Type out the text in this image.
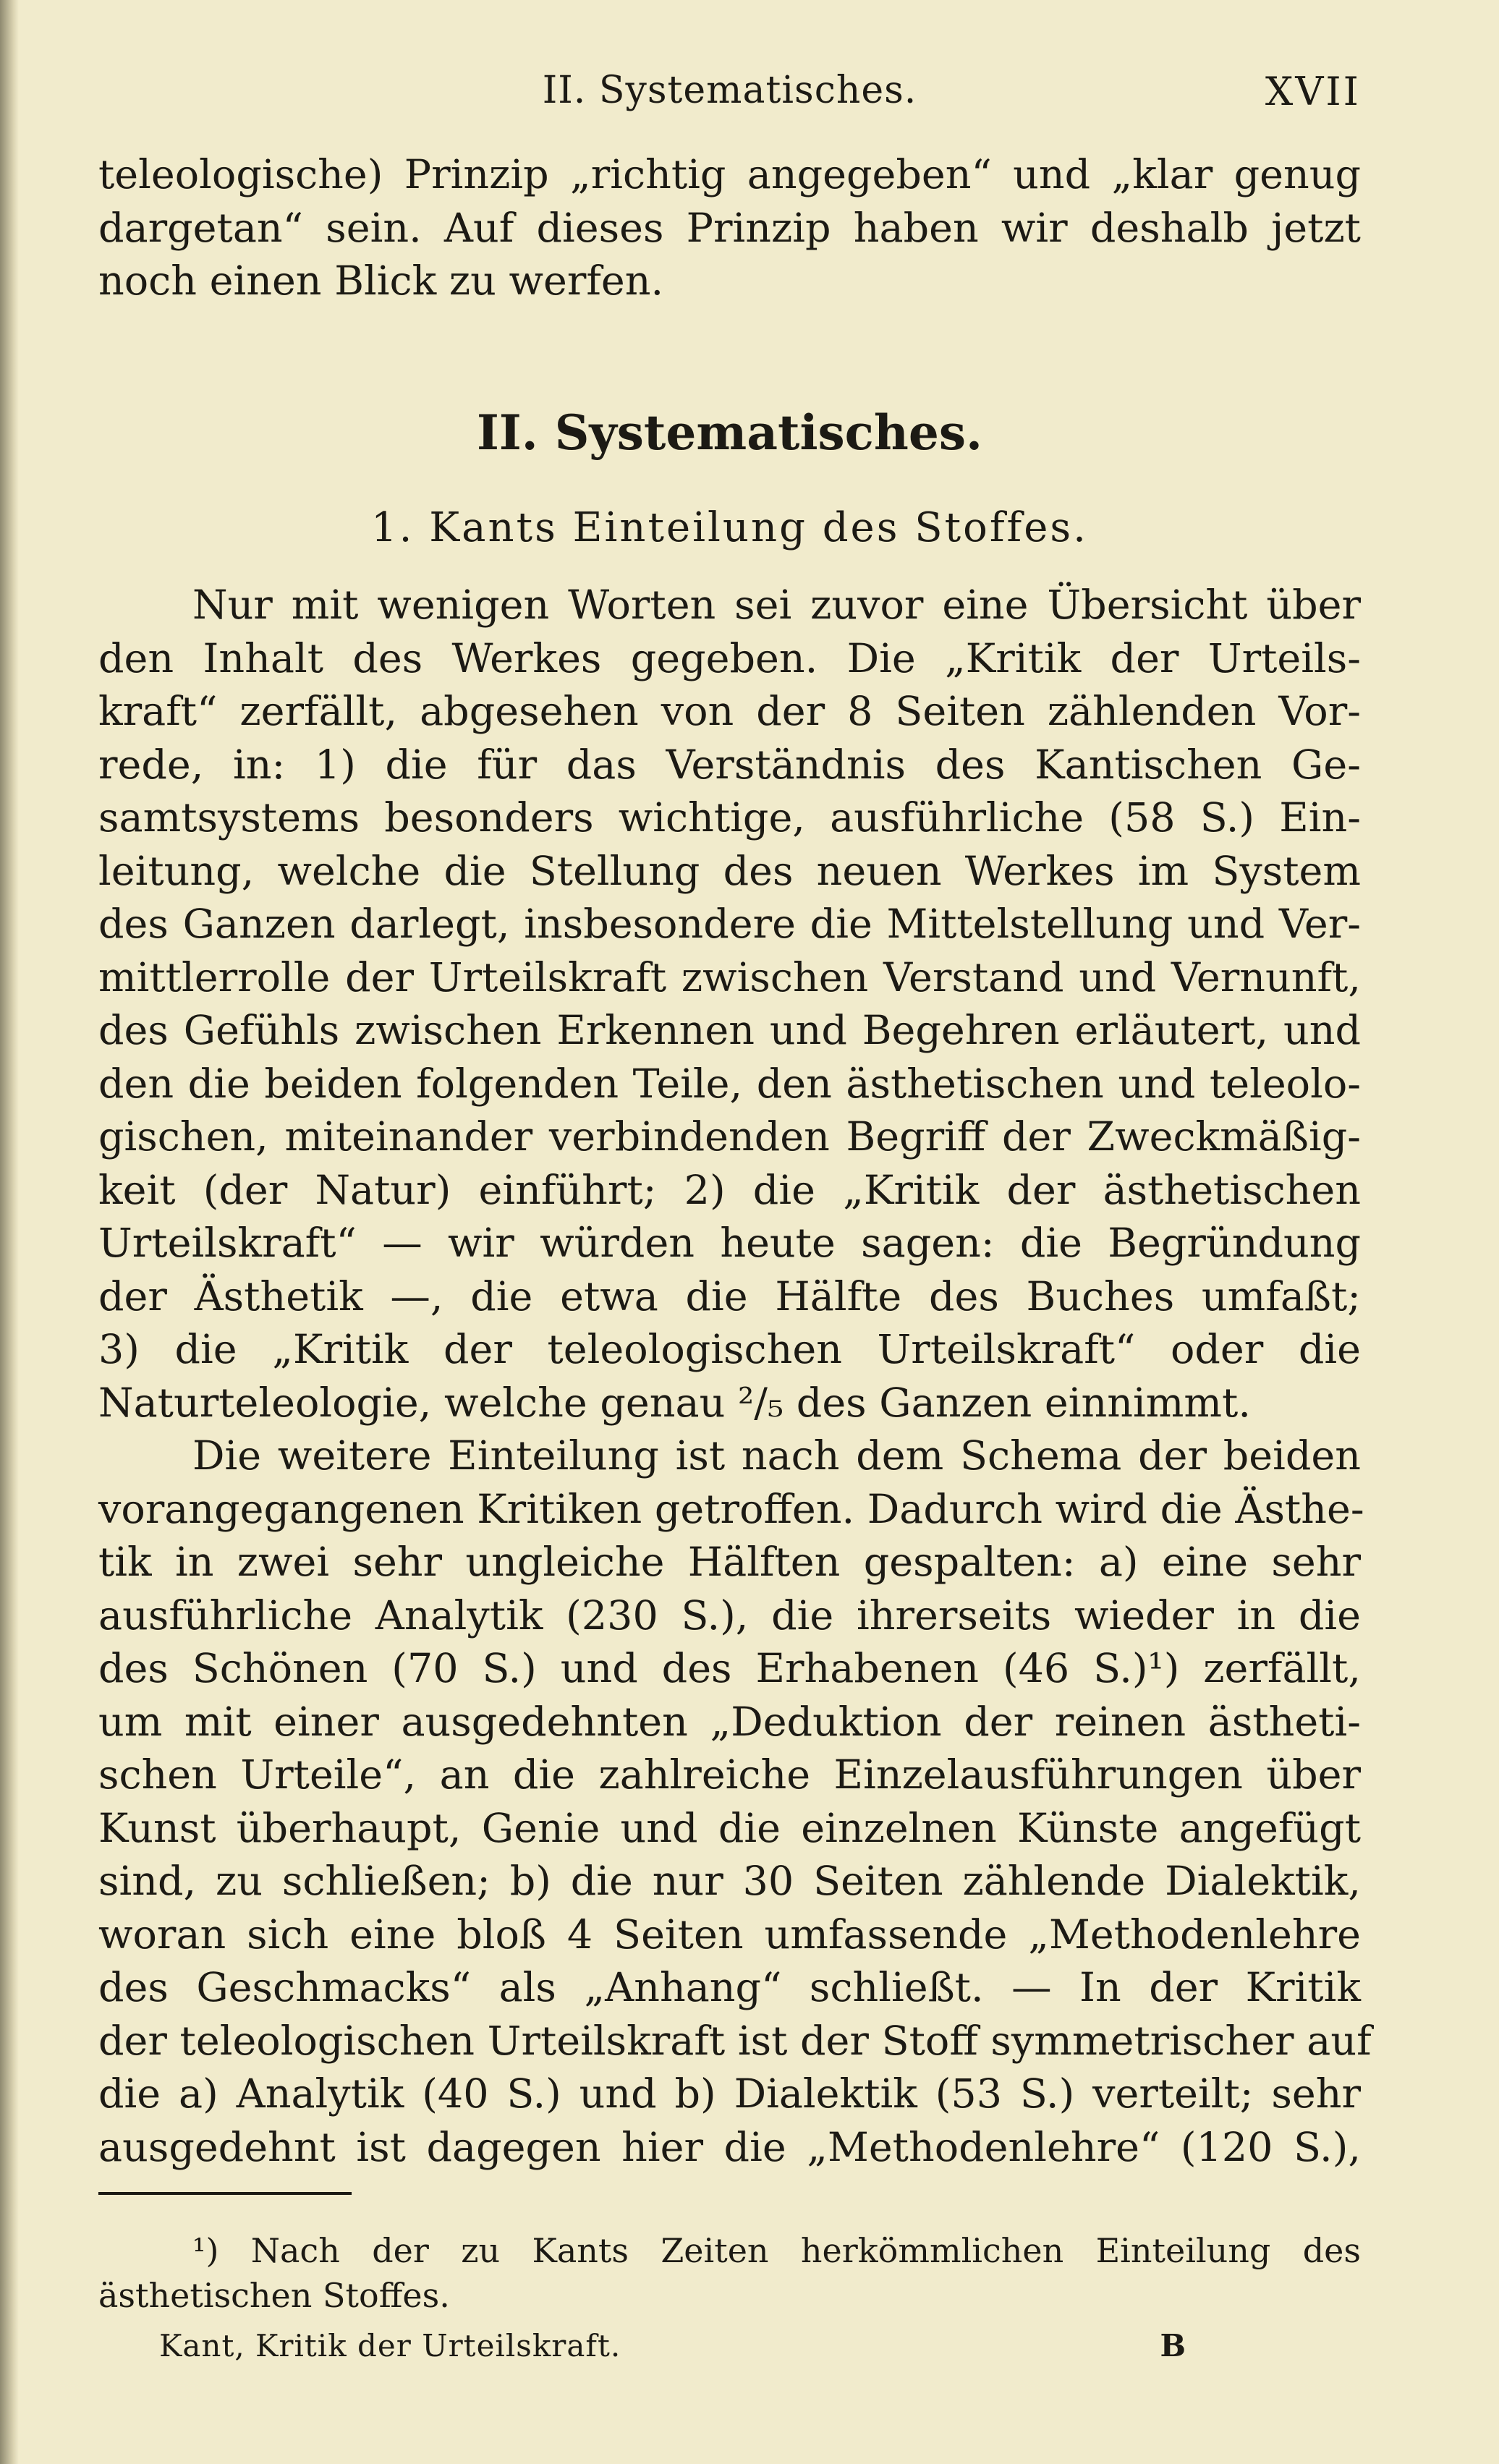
II. Systematisches.	XVII
teleologische) Prinzip „richtig angegeben“ und „klar genug
dargetan“ sein. Auf dieses Prinzip haben wir deshalb jetzt
noch einen Blick zu werfen.
II. Systematisches.
1. Kants Einteilung des Stoffes.
Nur mit wenigen Worten sei zuvor eine Übersicht über
den Inhalt des Werkes gegeben. Die „Kritik der Urteils-
kraft“ zerfällt, abgesehen von der 8 Seiten zählenden Vor-
rede, in: 1) die für das Verständnis des Kantischen Ge-
samtsystems besonders wichtige, ausführliche (58 S.) Ein-
leitung, welche die Stellung des neuen Werkes im System
des Ganzen darlegt, insbesondere die Mittelstellung und Ver-
mittlerrolle der Urteilskraft zwischen Verstand und Vernunft,
des Gefühls zwischen Erkennen und Begehren erläutert, und
den die beiden folgenden Teile, den ästhetischen und teleolo-
gischen, miteinander verbindenden Begriff der Zweckmäßig-
keit (der Natur) einführt; 2) die „Kritik der ästhetischen
Urteilskraft“ — wir würden heute sagen: die Begründung
der Ästhetik —, die etwa die Hälfte des Buches umfaßt;
3) die „Kritik der teleologischen Urteilskraft“ oder die
Naturteleologie, welche genau ²/₅ des Ganzen einnimmt.
Die weitere Einteilung ist nach dem Schema der beiden
vorangegangenen Kritiken getroffen. Dadurch wird die Ästhe-
tik in zwei sehr ungleiche Hälften gespalten: a) eine sehr
ausführliche Analytik (230 S.), die ihrerseits wieder in die
des Schönen (70 S.) und des Erhabenen (46 S.)¹) zerfällt,
um mit einer ausgedehnten „Deduktion der reinen ästheti-
schen Urteile“, an die zahlreiche Einzelausführungen über
Kunst überhaupt, Genie und die einzelnen Künste angefügt
sind, zu schließen; b) die nur 30 Seiten zählende Dialektik,
woran sich eine bloß 4 Seiten umfassende „Methodenlehre
des Geschmacks“ als „Anhang“ schließt. — In der Kritik
der teleologischen Urteilskraft ist der Stoff symmetrischer auf
die a) Analytik (40 S.) und b) Dialektik (53 S.) verteilt; sehr
ausgedehnt ist dagegen hier die „Methodenlehre“ (120 S.),
¹) Nach der zu Kants Zeiten herkömmlichen Einteilung des
ästhetischen Stoffes.
Kant, Kritik der Urteilskraft.	B
